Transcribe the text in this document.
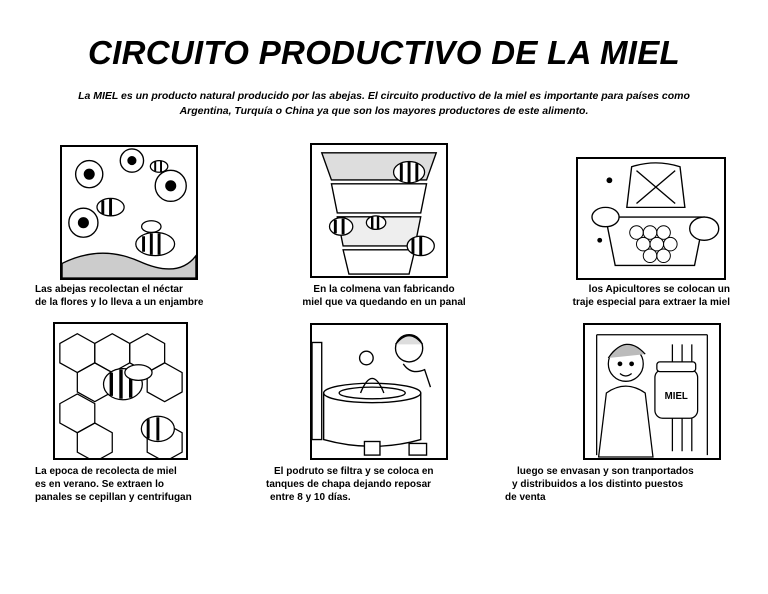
CIRCUITO PRODUCTIVO DE LA MIEL
La MIEL es un producto natural producido por las abejas. El circuito productivo de la miel es importante para países como
Argentina, Turquía o China ya que son los mayores productores de este alimento.
MIEL
Las abejas recolectan el néctar
de la flores y lo lleva a un enjambre
En la colmena van fabricando
miel que va quedando en un panal
los Apicultores se colocan un
traje especial para extraer la miel
La epoca de recolecta de miel
es en verano. Se extraen lo
panales se cepillan y centrifugan
El podruto se filtra y se coloca en
tanques de chapa dejando reposar
entre 8 y 10 días.
luego se envasan y son tranportados
y distribuidos a los distinto puestos
de venta
